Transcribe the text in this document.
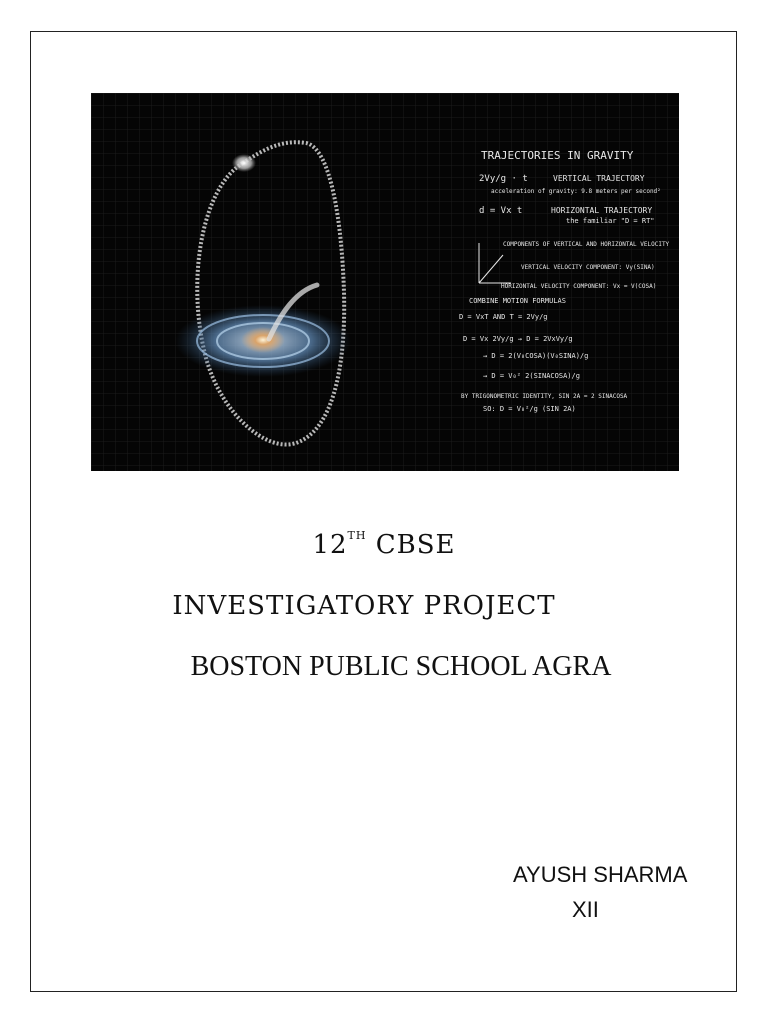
TRAJECTORIES IN GRAVITY
2Vy/g · t	VERTICAL TRAJECTORY
acceleration of gravity: 9.8 meters per second²
d = Vx t	HORIZONTAL TRAJECTORY
the familiar "D = RT"
COMPONENTS OF VERTICAL AND HORIZONTAL VELOCITY
VERTICAL VELOCITY COMPONENT: Vy(SINA)
HORIZONTAL VELOCITY COMPONENT: Vx = V(COSA)
COMBINE MOTION FORMULAS
D = VxT AND T = 2Vy/g
D = Vx 2Vy/g → D = 2VxVy/g
→ D = 2(V₀COSA)(V₀SINA)/g
→ D = V₀² 2(SINACOSA)/g
BY TRIGONOMETRIC IDENTITY, SIN 2A = 2 SINACOSA
SO: D = V₀²/g (SIN 2A)
12TH CBSE
INVESTIGATORY PROJECT
BOSTON PUBLIC SCHOOL AGRA
AYUSH SHARMA
XII
